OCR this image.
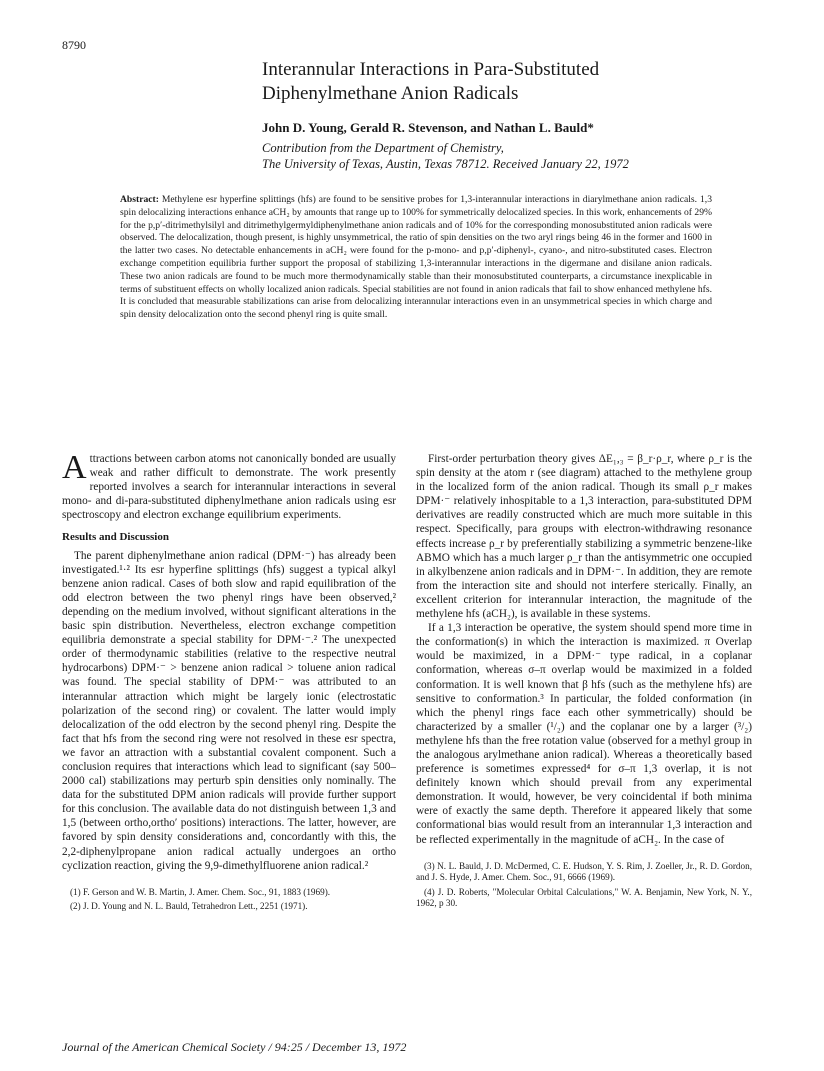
8790
Interannular Interactions in Para-Substituted
Diphenylmethane Anion Radicals

John D. Young, Gerald R. Stevenson, and Nathan L. Bauld*

Contribution from the Department of Chemistry,
The University of Texas, Austin, Texas 78712. Received January 22, 1972

Abstract: Methylene esr hyperfine splittings (hfs) are found to be sensitive probes for 1,3-interannular interactions in diarylmethane anion radicals. 1,3 spin delocalizing interactions enhance aCH₂ by amounts that range up to 100% for symmetrically delocalized species. In this work, enhancements of 29% for the p,p′-ditrimethylsilyl and ditrimethylgermyldiphenylmethane anion radicals and of 10% for the corresponding monosubstituted anion radicals were observed. The delocalization, though present, is highly unsymmetrical, the ratio of spin densities on the two aryl rings being 46 in the former and 1600 in the latter two cases. No detectable enhancements in aCH₂ were found for the p-mono- and p,p′-diphenyl-, cyano-, and nitro-substituted cases. Electron exchange competition equilibria further support the proposal of stabilizing 1,3-interannular interactions in the digermane and disilane anion radicals. These two anion radicals are found to be much more thermodynamically stable than their monosubstituted counterparts, a circumstance inexplicable in terms of substituent effects on wholly localized anion radicals. Special stabilities are not found in anion radicals that fail to show enhanced methylene hfs. It is concluded that measurable stabilizations can arise from delocalizing interannular interactions even in an unsymmetrical species in which charge and spin density delocalization onto the second phenyl ring is quite small.

Attractions between carbon atoms not canonically bonded are usually weak and rather difficult to demonstrate. The work presently reported involves a search for interannular interactions in several mono- and di-para-substituted diphenylmethane anion radicals using esr spectroscopy and electron exchange equilibrium experiments.

Results and Discussion

The parent diphenylmethane anion radical (DPM·⁻) has already been investigated.¹·² Its esr hyperfine splittings (hfs) suggest a typical alkyl benzene anion radical. Cases of both slow and rapid equilibration of the odd electron between the two phenyl rings have been observed,² depending on the medium involved, without significant alterations in the basic spin distribution. Nevertheless, electron exchange competition equilibria demonstrate a special stability for DPM·⁻.² The unexpected order of thermodynamic stabilities (relative to the respective neutral hydrocarbons) DPM·⁻ > benzene anion radical > toluene anion radical was found. The special stability of DPM·⁻ was attributed to an interannular attraction which might be largely ionic (electrostatic polarization of the second ring) or covalent. The latter would imply delocalization of the odd electron by the second phenyl ring. Despite the fact that hfs from the second ring were not resolved in these esr spectra, we favor an attraction with a substantial covalent component. Such a conclusion requires that interactions which lead to significant (say 500–2000 cal) stabilizations may perturb spin densities only nominally. The data for the substituted DPM anion radicals will provide further support for this conclusion. The available data do not distinguish between 1,3 and 1,5 (between ortho,ortho′ positions) interactions. The latter, however, are favored by spin density considerations and, concordantly with this, the 2,2-diphenylpropane anion radical actually undergoes an ortho cyclization reaction, giving the 9,9-dimethylfluorene anion radical.²

(1) F. Gerson and W. B. Martin, J. Amer. Chem. Soc., 91, 1883 (1969).

(2) J. D. Young and N. L. Bauld, Tetrahedron Lett., 2251 (1971).

First-order perturbation theory gives ΔE₁,₃ = β_r·ρ_r, where ρ_r is the spin density at the atom r (see diagram) attached to the methylene group in the localized form of the anion radical. Though its small ρ_r makes DPM·⁻ relatively inhospitable to a 1,3 interaction, para-substituted DPM derivatives are readily constructed which are much more suitable in this respect. Specifically, para groups with electron-withdrawing resonance effects increase ρ_r by preferentially stabilizing a symmetric benzene-like ABMO which has a much larger ρ_r than the antisymmetric one occupied in alkylbenzene anion radicals and in DPM·⁻. In addition, they are remote from the interaction site and should not interfere sterically. Finally, an excellent criterion for interannular interaction, the magnitude of the methylene hfs (aCH₂), is available in these systems.

If a 1,3 interaction be operative, the system should spend more time in the conformation(s) in which the interaction is maximized. π Overlap would be maximized, in a DPM·⁻ type radical, in a coplanar conformation, whereas σ–π overlap would be maximized in a folded conformation. It is well known that β hfs (such as the methylene hfs) are sensitive to conformation.³ In particular, the folded conformation (in which the phenyl rings face each other symmetrically) should be characterized by a smaller (¹/₂) and the coplanar one by a larger (³/₂) methylene hfs than the free rotation value (observed for a methyl group in the analogous arylmethane anion radical). Whereas a theoretically based preference is sometimes expressed⁴ for σ–π 1,3 overlap, it is not definitely known which should prevail from any experimental demonstration. It would, however, be very coincidental if both minima were of exactly the same depth. Therefore it appeared likely that some conformational bias would result from an interannular 1,3 interaction and be reflected experimentally in the magnitude of aCH₂. In the case of

(3) N. L. Bauld, J. D. McDermed, C. E. Hudson, Y. S. Rim, J. Zoeller, Jr., R. D. Gordon, and J. S. Hyde, J. Amer. Chem. Soc., 91, 6666 (1969).

(4) J. D. Roberts, "Molecular Orbital Calculations," W. A. Benjamin, New York, N. Y., 1962, p 30.

Journal of the American Chemical Society / 94:25 / December 13, 1972
